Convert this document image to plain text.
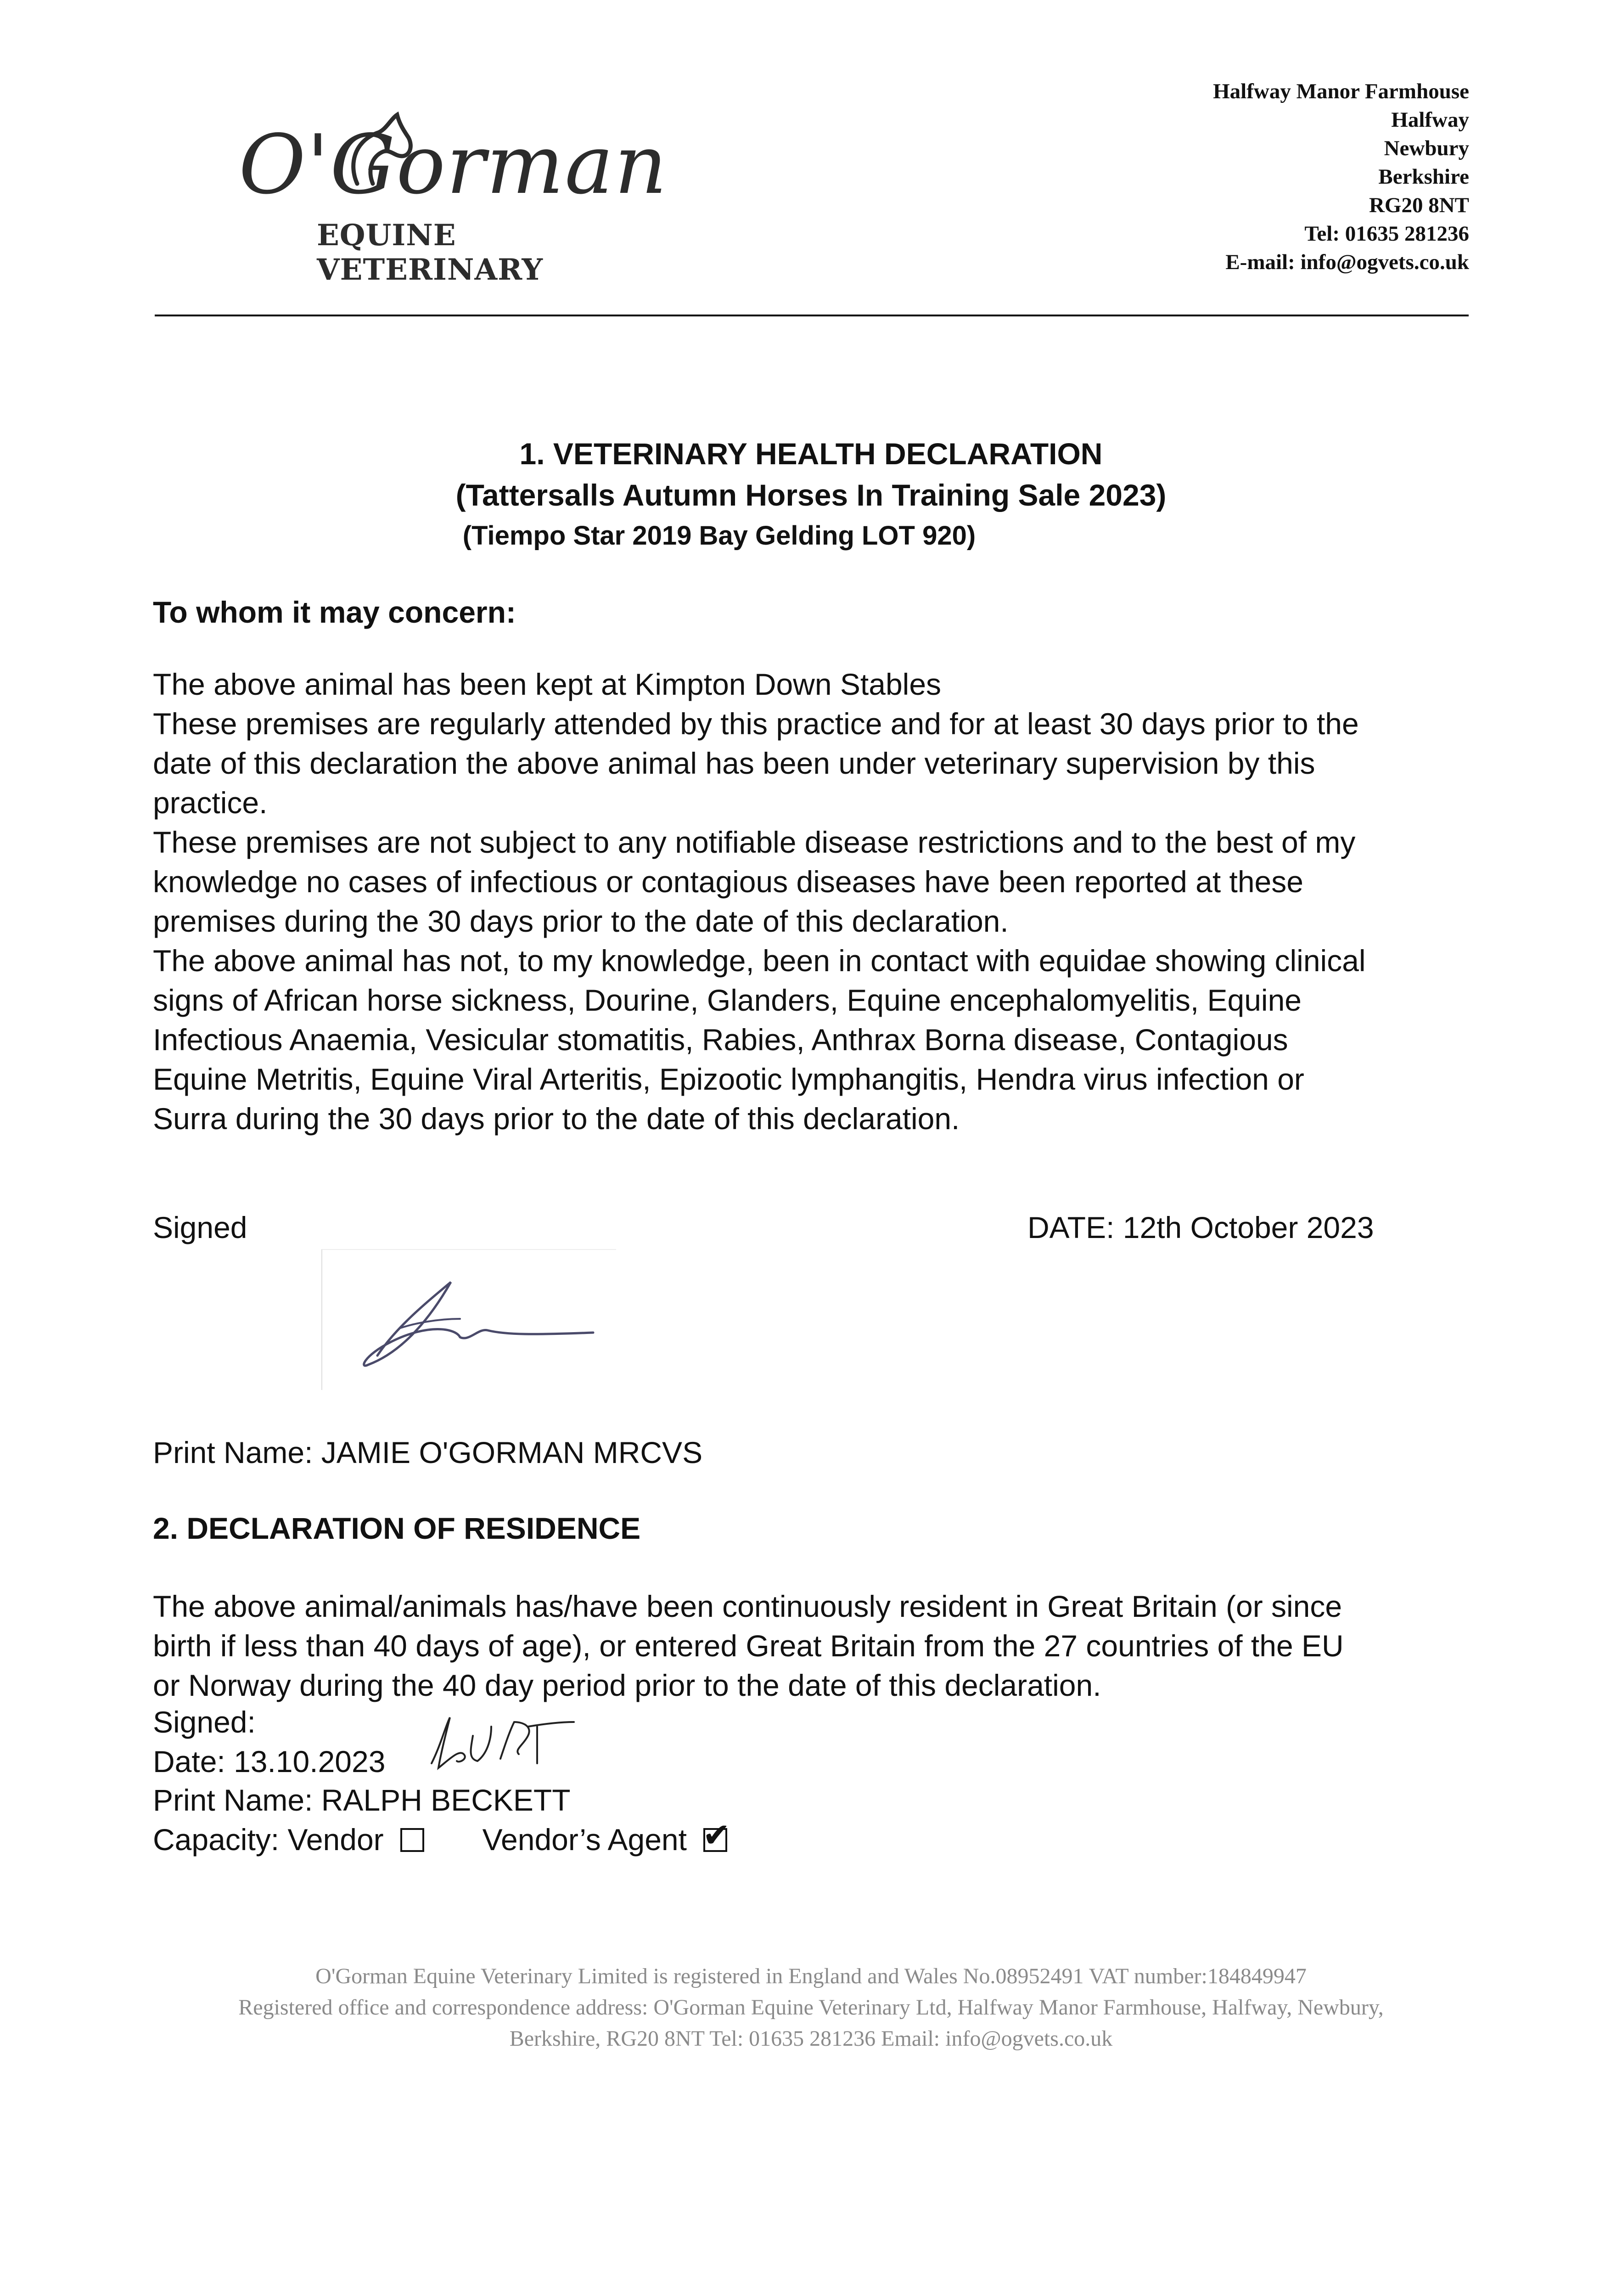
O'Gorman
EQUINE VETERINARY
Halfway Manor Farmhouse
Halfway
Newbury
Berkshire
RG20 8NT
Tel: 01635 281236
E-mail: info@ogvets.co.uk
1. VETERINARY HEALTH DECLARATION
(Tattersalls Autumn Horses In Training Sale 2023)
(Tiempo Star 2019 Bay Gelding LOT 920)
To whom it may concern:
The above animal has been kept at Kimpton Down Stables
These premises are regularly attended by this practice and for at least 30 days prior to the
date of this declaration the above animal has been under veterinary supervision by this
practice.
These premises are not subject to any notifiable disease restrictions and to the best of my
knowledge no cases of infectious or contagious diseases have been reported at these
premises during the 30 days prior to the date of this declaration.
The above animal has not, to my knowledge, been in contact with equidae showing clinical
signs of African horse sickness, Dourine, Glanders, Equine encephalomyelitis, Equine
Infectious Anaemia, Vesicular stomatitis, Rabies, Anthrax Borna disease, Contagious
Equine Metritis, Equine Viral Arteritis, Epizootic lymphangitis, Hendra virus infection or
Surra during the 30 days prior to the date of this declaration.
Signed	DATE: 12th October 2023
Print Name: JAMIE O'GORMAN MRCVS
2. DECLARATION OF RESIDENCE
The above animal/animals has/have been continuously resident in Great Britain (or since
birth if less than 40 days of age), or entered Great Britain from the 27 countries of the EU
or Norway during the 40 day period prior to the date of this declaration.
Signed:
Date: 13.10.2023
Print Name: RALPH BECKETT
Capacity: Vendor	Vendor’s Agent ✔
O'Gorman Equine Veterinary Limited is registered in England and Wales No.08952491 VAT number:184849947
Registered office and correspondence address: O'Gorman Equine Veterinary Ltd, Halfway Manor Farmhouse, Halfway, Newbury,
Berkshire, RG20 8NT Tel: 01635 281236 Email: info@ogvets.co.uk
